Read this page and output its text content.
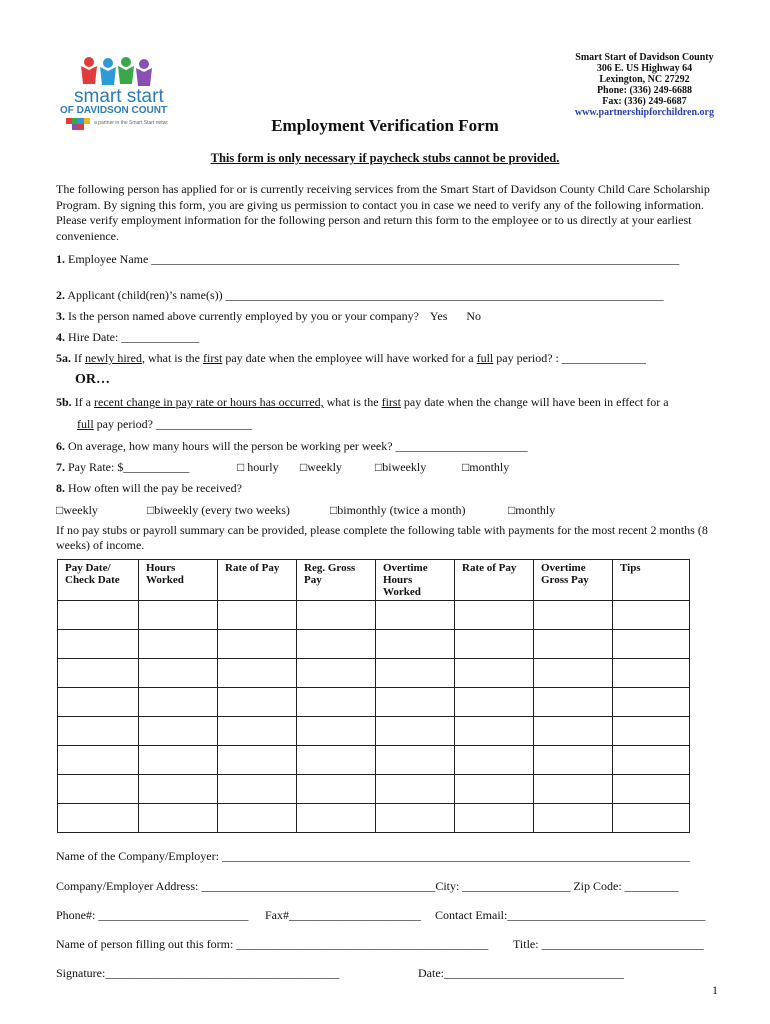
smart start
OF DAVIDSON COUNTY
a partner in the Smart Start network
Smart Start of Davidson County
306 E. US Highway 64
Lexington, NC 27292
Phone: (336) 249-6688
Fax: (336) 249-6687
www.partnershipforchildren.org
Employment Verification Form
This form is only necessary if paycheck stubs cannot be provided.
The following person has applied for or is currently receiving services from the Smart Start of Davidson County Child Care Scholarship Program. By signing this form, you are giving us permission to contact you in case we need to verify any of the following information. Please verify employment information for the following person and return this form to the employee or to us directly at your earliest convenience.
1. Employee Name ________________________________________________________________________________________
2. Applicant (child(ren)’s name(s)) _________________________________________________________________________
3. Is the person named above currently employed by you or your company? Yes No
4. Hire Date: _____________
5a. If newly hired, what is the first pay date when the employee will have worked for a full pay period? : ______________
OR…
5b. If a recent change in pay rate or hours has occurred, what is the first pay date when the change will have been in effect for a
full pay period? ________________
6. On average, how many hours will the person be working per week? ______________________
7. Pay Rate: $___________	□ hourly □weekly	□biweekly	□monthly
8. How often will the pay be received?
□weekly	□biweekly (every two weeks)	□bimonthly (twice a month)	□monthly
If no pay stubs or payroll summary can be provided, please complete the following table with payments for the most recent 2 months (8 weeks) of income.
Pay Date/ Check Date	Hours Worked	Rate of Pay	Reg. Gross Pay	Overtime Hours Worked	Rate of Pay	Overtime Gross Pay	Tips

Name of the Company/Employer: ______________________________________________________________________________
Company/Employer Address: _______________________________________City: __________________ Zip Code: _________
Phone#: _________________________ Fax#______________________ Contact Email:_________________________________
Name of person filling out this form: __________________________________________ Title: ___________________________
Signature:_______________________________________	Date:______________________________
1
